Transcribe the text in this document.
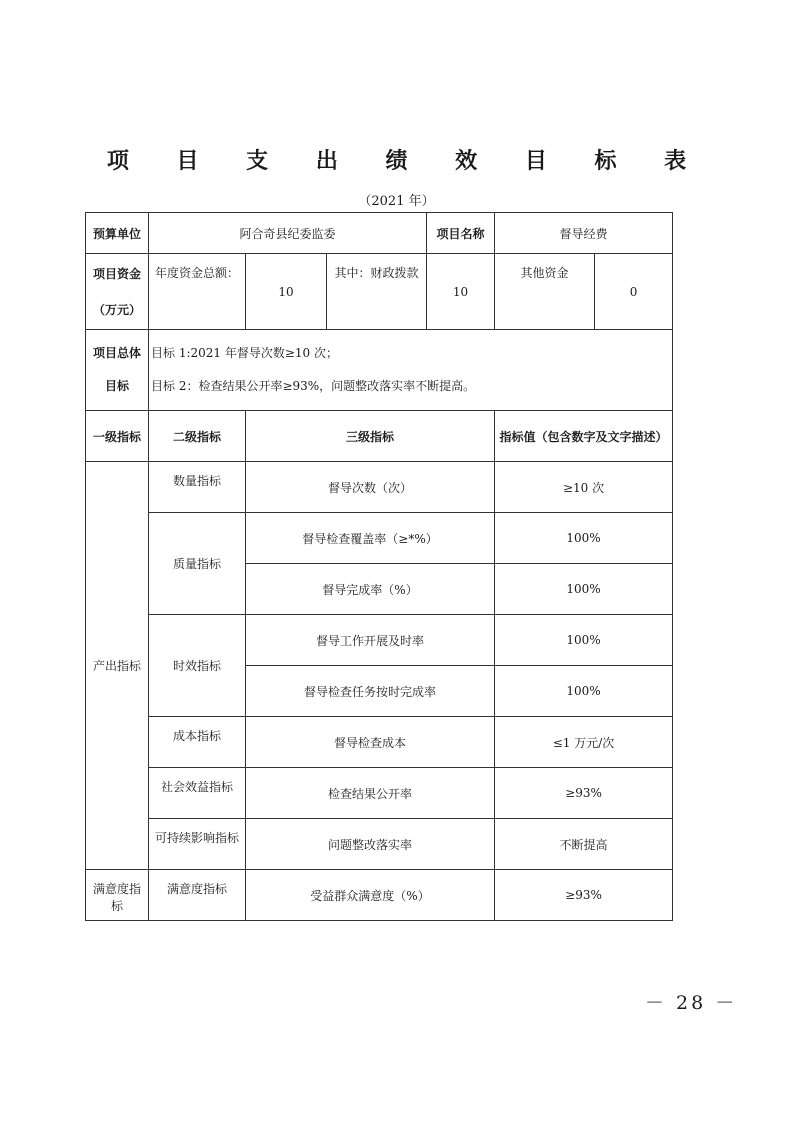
项 目 支 出 绩 效 目 标 表
（2021 年）
预算单位	阿合奇县纪委监委			项目名称	督导经费	
项目资金（万元）	年度资金总额：	10	其中：财政拨款	10	其他资金	0
项目总体目标	目标 1:2021 年督导次数≥10 次；
目标 2：检查结果公开率≥93%，问题整改落实率不断提高。					

一级指标	二级指标	三级指标			指标值（包含数字及文字描述）	
产出指标	数量指标	督导次数（次）			≥10 次	
	质量指标	督导检查覆盖率（≥*%）			100%	
		督导完成率（%）			100%	
	时效指标	督导工作开展及时率			100%	
		督导检查任务按时完成率			100%	
	成本指标	督导检查成本			≤1 万元/次	
	社会效益指标	检查结果公开率			≥93%	
	可持续影响指标	问题整改落实率			不断提高	
满意度指标	满意度指标	受益群众满意度（%）			≥93%	
－ 28 －
